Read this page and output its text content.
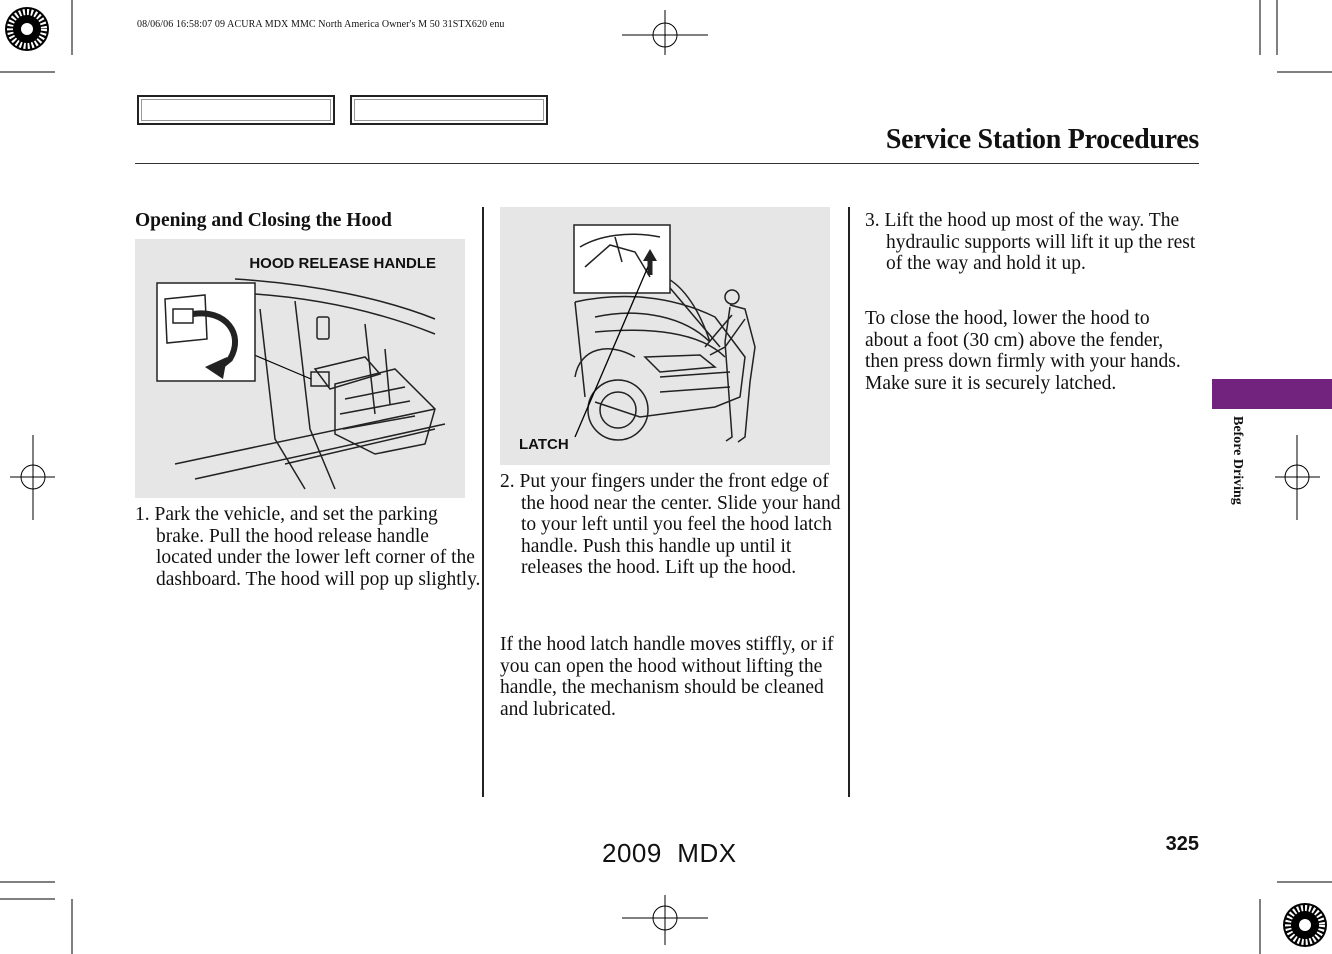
08/06/06 16:58:07 09 ACURA MDX MMC North America Owner's M 50 31STX620 enu
Service Station Procedures
Opening and Closing the Hood
HOOD RELEASE HANDLE
1. Park the vehicle, and set the parking brake. Pull the hood release handle located under the lower left corner of the dashboard. The hood will pop up slightly.
LATCH
2. Put your fingers under the front edge of the hood near the center. Slide your hand to your left until you feel the hood latch handle. Push this handle up until it releases the hood. Lift up the hood.
If the hood latch handle moves stiffly, or if you can open the hood without lifting the handle, the mechanism should be cleaned and lubricated.
3. Lift the hood up most of the way. The hydraulic supports will lift it up the rest of the way and hold it up.
To close the hood, lower the hood to about a foot (30 cm) above the fender, then press down firmly with your hands. Make sure it is securely latched.
Before Driving
325
2009  MDX
